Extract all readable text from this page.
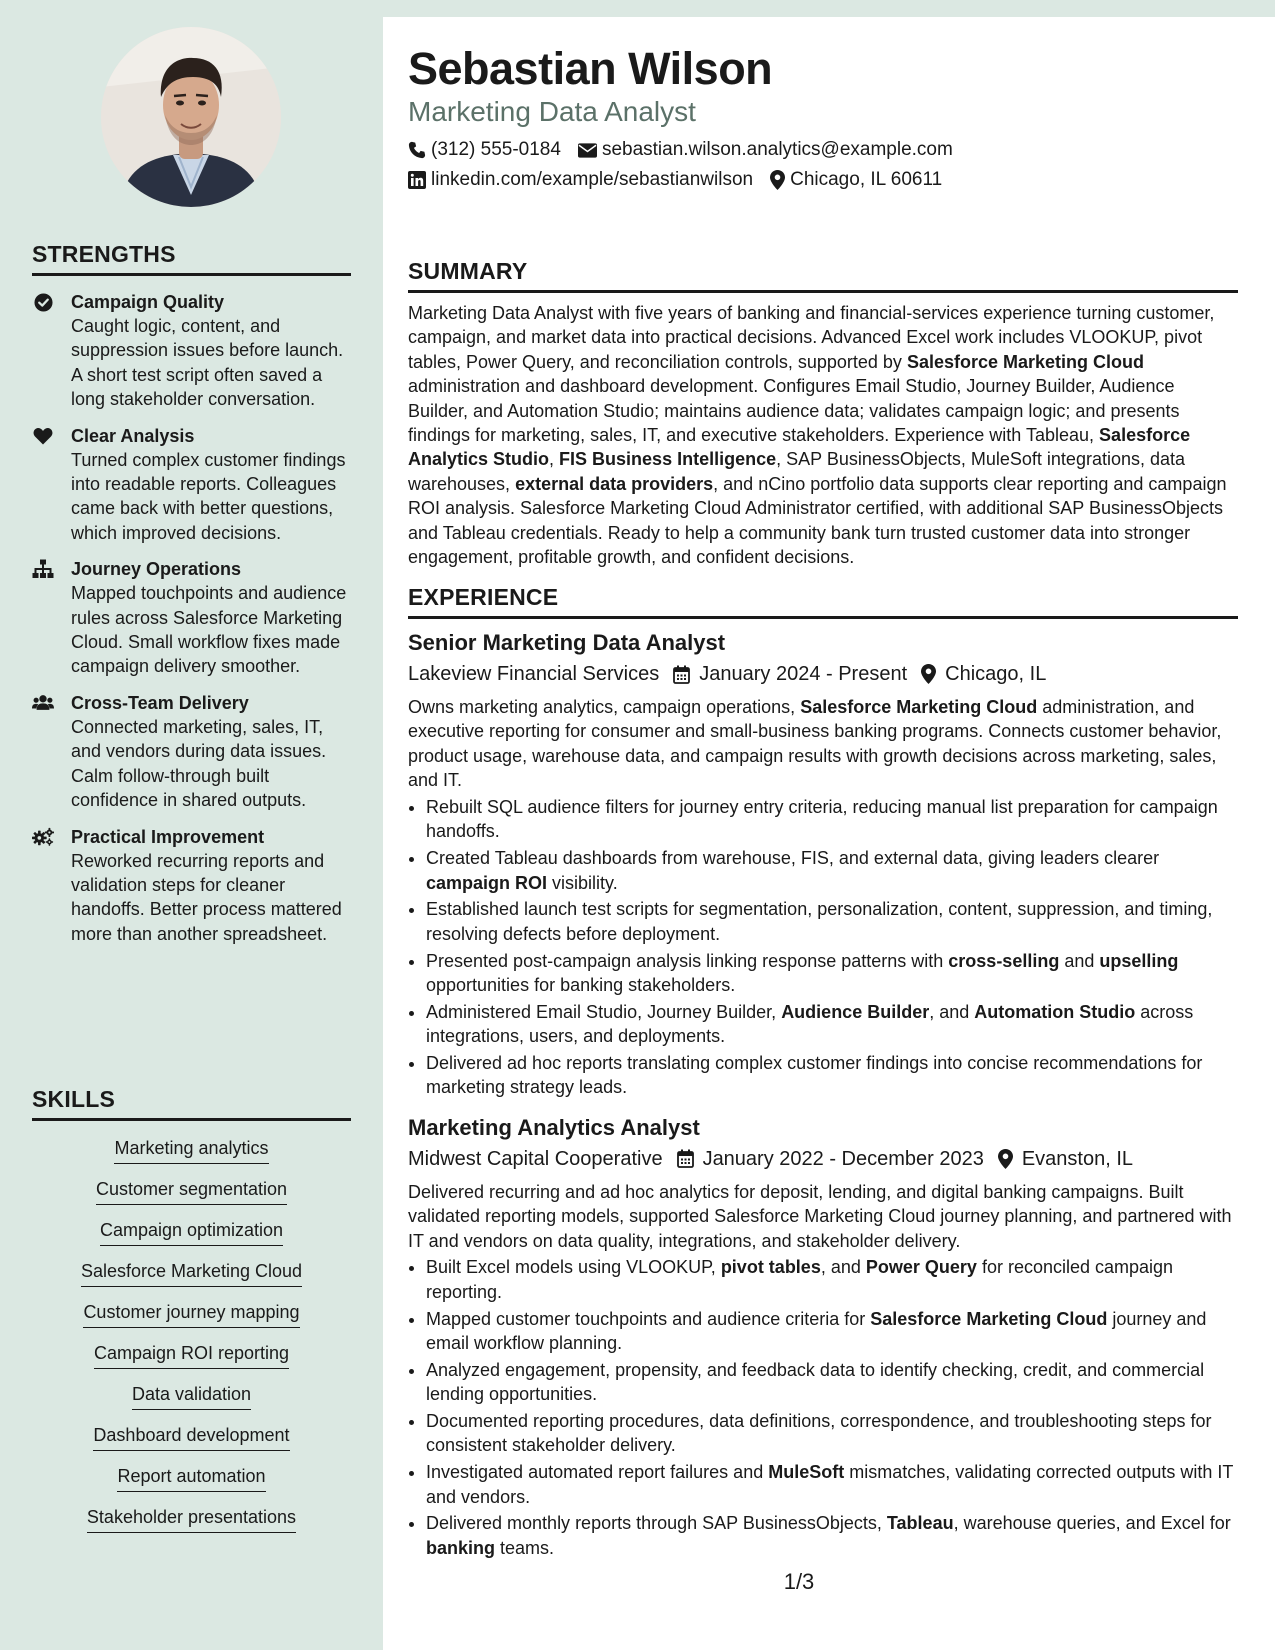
STRENGTHS
Campaign Quality
Caught logic, content, and suppression issues before launch. A short test script often saved a long stakeholder conversation.
Clear Analysis
Turned complex customer findings into readable reports. Colleagues came back with better questions, which improved decisions.
Journey Operations
Mapped touchpoints and audience rules across Salesforce Marketing Cloud. Small workflow fixes made campaign delivery smoother.
Cross-Team Delivery
Connected marketing, sales, IT, and vendors during data issues. Calm follow-through built confidence in shared outputs.
Practical Improvement
Reworked recurring reports and validation steps for cleaner handoffs. Better process mattered more than another spreadsheet.
SKILLS
Marketing analytics
Customer segmentation
Campaign optimization
Salesforce Marketing Cloud
Customer journey mapping
Campaign ROI reporting
Data validation
Dashboard development
Report automation
Stakeholder presentations
Sebastian Wilson
Marketing Data Analyst
(312) 555-0184 sebastian.wilson.analytics@example.com
linkedin.com/example/sebastianwilson Chicago, IL 60611
SUMMARY

Marketing Data Analyst with five years of banking and financial-services experience turning customer, campaign, and market data into practical decisions. Advanced Excel work includes VLOOKUP, pivot tables, Power Query, and reconciliation controls, supported by Salesforce Marketing Cloud administration and dashboard development. Configures Email Studio, Journey Builder, Audience Builder, and Automation Studio; maintains audience data; validates campaign logic; and presents findings for marketing, sales, IT, and executive stakeholders. Experience with Tableau, Salesforce Analytics Studio, FIS Business Intelligence, SAP BusinessObjects, MuleSoft integrations, data warehouses, external data providers, and nCino portfolio data supports clear reporting and campaign ROI analysis. Salesforce Marketing Cloud Administrator certified, with additional SAP BusinessObjects and Tableau credentials. Ready to help a community bank turn trusted customer data into stronger engagement, profitable growth, and confident decisions.

EXPERIENCE
Senior Marketing Data Analyst
Lakeview Financial Services January 2024 - Present Chicago, IL

Owns marketing analytics, campaign operations, Salesforce Marketing Cloud administration, and executive reporting for consumer and small-business banking programs. Connects customer behavior, product usage, warehouse data, and campaign results with growth decisions across marketing, sales, and IT.

• Rebuilt SQL audience filters for journey entry criteria, reducing manual list preparation for campaign handoffs.
• Created Tableau dashboards from warehouse, FIS, and external data, giving leaders clearer campaign ROI visibility.
• Established launch test scripts for segmentation, personalization, content, suppression, and timing, resolving defects before deployment.
• Presented post-campaign analysis linking response patterns with cross-selling and upselling opportunities for banking stakeholders.
• Administered Email Studio, Journey Builder, Audience Builder, and Automation Studio across integrations, users, and deployments.
• Delivered ad hoc reports translating complex customer findings into concise recommendations for marketing strategy leads.
Marketing Analytics Analyst
Midwest Capital Cooperative January 2022 - December 2023 Evanston, IL

Delivered recurring and ad hoc analytics for deposit, lending, and digital banking campaigns. Built validated reporting models, supported Salesforce Marketing Cloud journey planning, and partnered with IT and vendors on data quality, integrations, and stakeholder delivery.

• Built Excel models using VLOOKUP, pivot tables, and Power Query for reconciled campaign reporting.
• Mapped customer touchpoints and audience criteria for Salesforce Marketing Cloud journey and email workflow planning.
• Analyzed engagement, propensity, and feedback data to identify checking, credit, and commercial lending opportunities.
• Documented reporting procedures, data definitions, correspondence, and troubleshooting steps for consistent stakeholder delivery.
• Investigated automated report failures and MuleSoft mismatches, validating corrected outputs with IT and vendors.
• Delivered monthly reports through SAP BusinessObjects, Tableau, warehouse queries, and Excel for banking teams.
1/3
